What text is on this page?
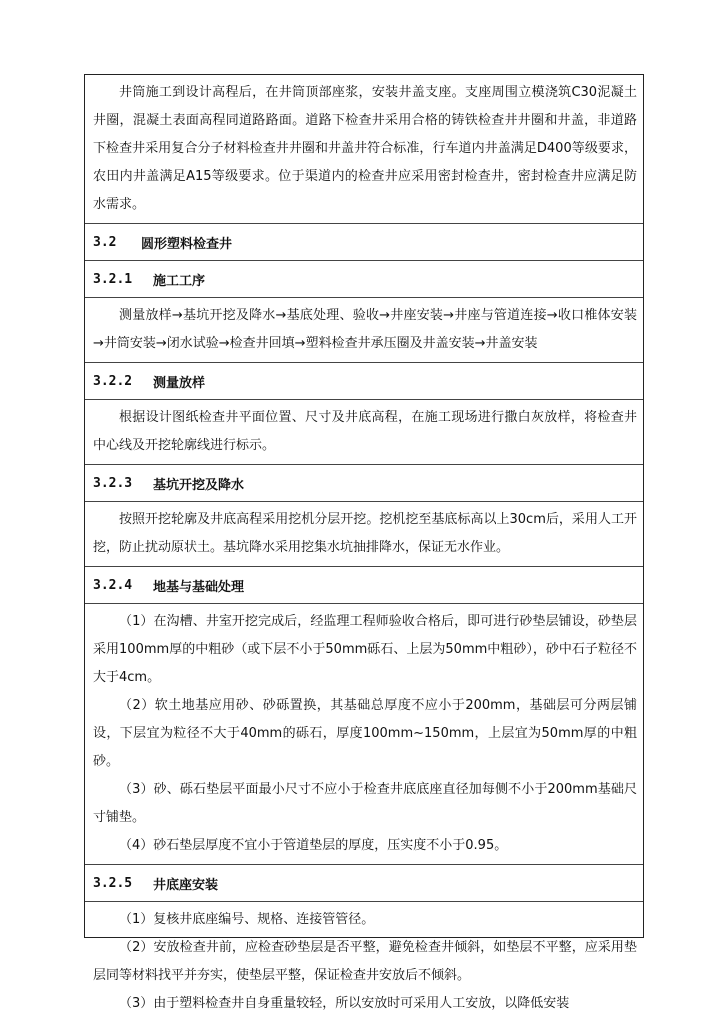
井筒施工到设计高程后，在井筒顶部座浆，安装井盖支座。支座周围立模浇筑C30泥凝土井圈，混凝土表面高程同道路路面。道路下检查井采用合格的铸铁检查井井圈和井盖，非道路下检查井采用复合分子材料检查井井圈和井盖井符合标准，行车道内井盖满足D400等级要求，农田内井盖满足A15等级要求。位于渠道内的检查井应采用密封检查井，密封检查井应满足防水需求。

3.2	圆形塑料检查井
3.2.1	施工工序

测量放样→基坑开挖及降水→基底处理、验收→井座安装→井座与管道连接→收口椎体安装→井筒安装→闭水试验→检查井回填→塑料检查井承压圈及井盖安装→井盖安装

3.2.2	测量放样

根据设计图纸检查井平面位置、尺寸及井底高程，在施工现场进行撒白灰放样，将检查井中心线及开挖轮廓线进行标示。

3.2.3	基坑开挖及降水

按照开挖轮廓及井底高程采用挖机分层开挖。挖机挖至基底标高以上30cm后，采用人工开挖，防止扰动原状土。基坑降水采用挖集水坑抽排降水，保证无水作业。

3.2.4	地基与基础处理

（1）在沟槽、井室开挖完成后，经监理工程师验收合格后，即可进行砂垫层铺设，砂垫层采用100mm厚的中粗砂（或下层不小于50mm砾石、上层为50mm中粗砂），砂中石子粒径不大于4cm。

（2）软土地基应用砂、砂砾置换，其基础总厚度不应小于200mm，基础层可分两层铺设，下层宜为粒径不大于40mm的砾石，厚度100mm~150mm，上层宜为50mm厚的中粗砂。

（3）砂、砾石垫层平面最小尺寸不应小于检查井底底座直径加每侧不小于200mm基础尺寸铺垫。

（4）砂石垫层厚度不宜小于管道垫层的厚度，压实度不小于0.95。

3.2.5	井底座安装

（1）复核井底座编号、规格、连接管管径。

（2）安放检查井前，应检查砂垫层是否平整，避免检查井倾斜，如垫层不平整，应采用垫层同等材料找平并夯实，使垫层平整，保证检查井安放后不倾斜。

（3）由于塑料检查井自身重量较轻，所以安放时可采用人工安放，以降低安装
